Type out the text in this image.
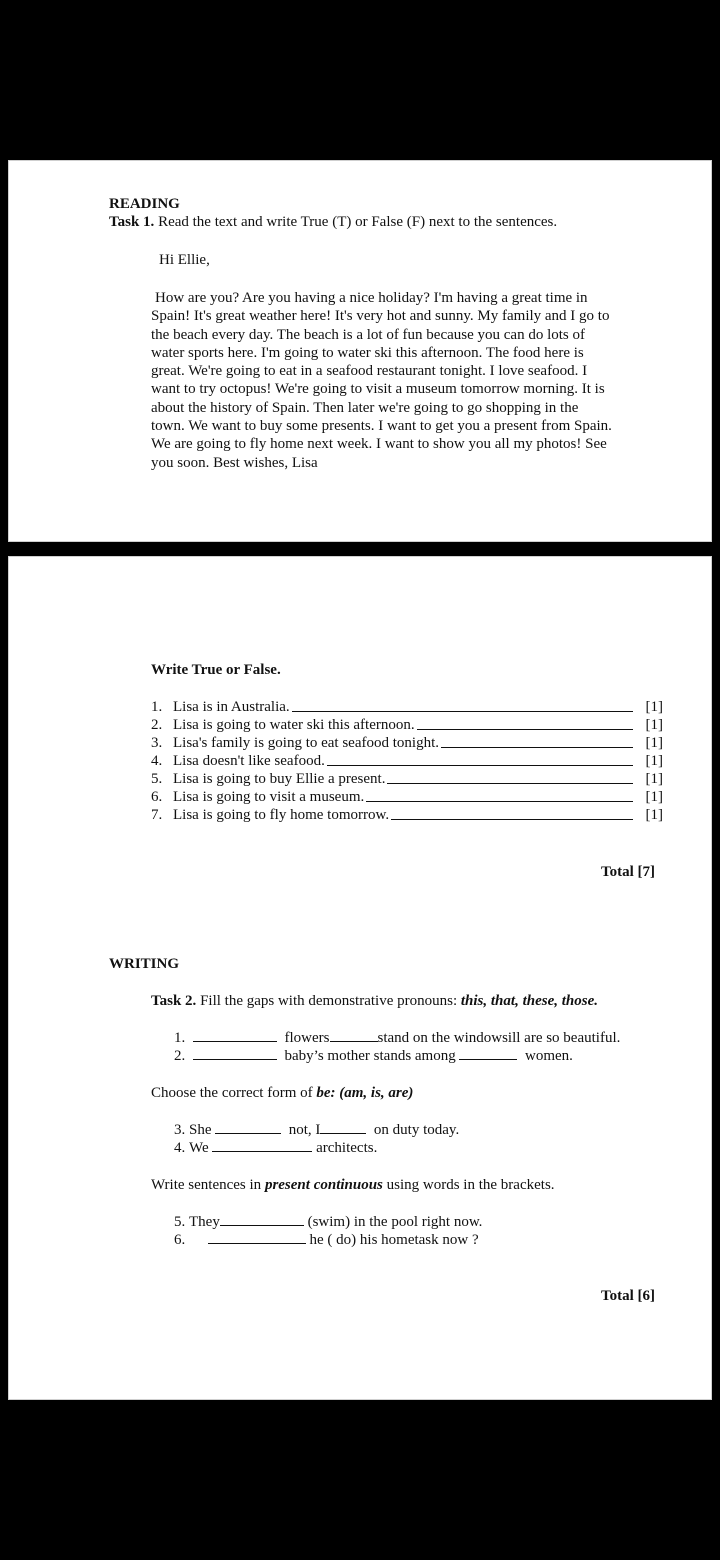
READING
Task 1. Read the text and write True (T) or False (F) next to the sentences.
Hi Ellie,
How are you? Are you having a nice holiday? I'm having a great time in
Spain! It's great weather here! It's very hot and sunny. My family and I go to
the beach every day. The beach is a lot of fun because you can do lots of
water sports here. I'm going to water ski this afternoon. The food here is
great. We're going to eat in a seafood restaurant tonight. I love seafood. I
want to try octopus! We're going to visit a museum tomorrow morning. It is
about the history of Spain. Then later we're going to go shopping in the
town. We want to buy some presents. I want to get you a present from Spain.
We are going to fly home next week. I want to show you all my photos! See
you soon. Best wishes, Lisa
Write True or False.
1. Lisa is in Australia.	[1]
2. Lisa is going to water ski this afternoon.	[1]
3. Lisa's family is going to eat seafood tonight.	[1]
4. Lisa doesn't like seafood.	[1]
5. Lisa is going to buy Ellie a present.	[1]
6. Lisa is going to visit a museum.	[1]
7. Lisa is going to fly home tomorrow.	[1]
Total [7]
WRITING
Task 2. Fill the gaps with demonstrative pronouns: this, that, these, those.
1.	flowers	stand on the windowsill are so beautiful.
2.	baby’s mother stands among	women.
Choose the correct form of be: (am, is, are)
3. She	not, I	on duty today.
4. We	architects.
Write sentences in present continuous using words in the brackets.
5. They	(swim) in the pool right now.
6.	he ( do) his hometask now ?
Total [6]
